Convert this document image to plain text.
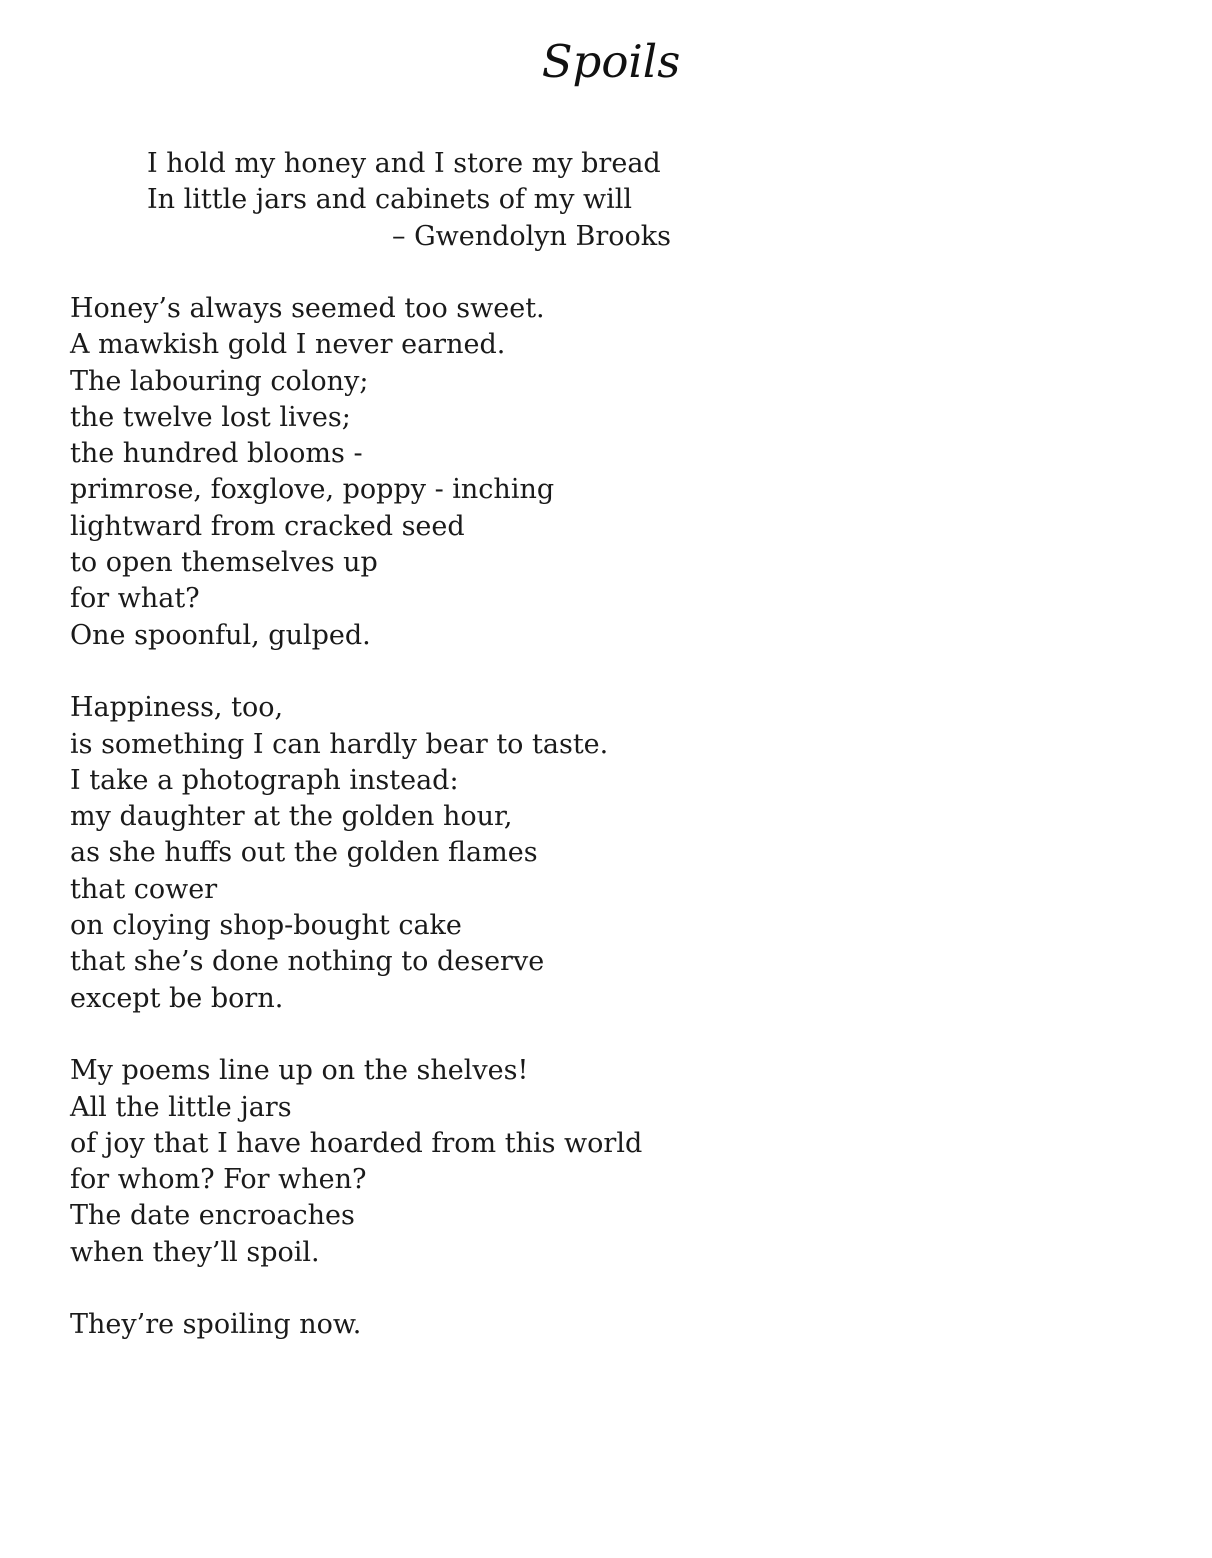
Spoils
I hold my honey and I store my bread
In little jars and cabinets of my will
– Gwendolyn Brooks
Honey’s always seemed too sweet.
A mawkish gold I never earned.
The labouring colony;
the twelve lost lives;
the hundred blooms -
primrose, foxglove, poppy - inching
lightward from cracked seed
to open themselves up
for what?
One spoonful, gulped.
Happiness, too,
is something I can hardly bear to taste.
I take a photograph instead:
my daughter at the golden hour,
as she huffs out the golden flames
that cower
on cloying shop-bought cake
that she’s done nothing to deserve
except be born.
My poems line up on the shelves!
All the little jars
of joy that I have hoarded from this world
for whom? For when?
The date encroaches
when they’ll spoil.
They’re spoiling now.
